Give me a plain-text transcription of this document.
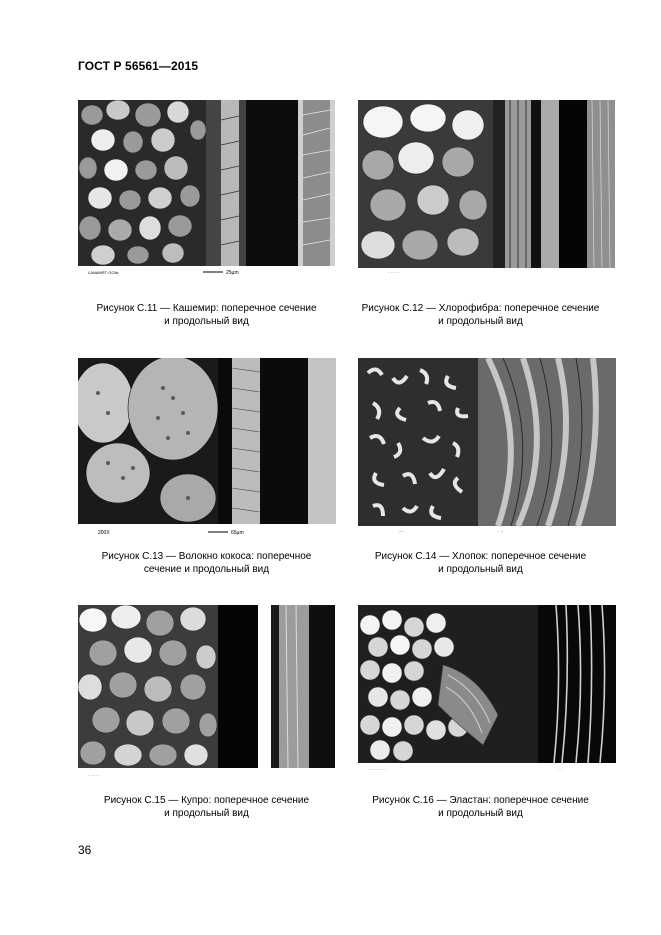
ГОСТ Р 56561—2015
LANAMRT·GOAr	25µm
Рисунок С.11 — Кашемир: поперечное сечение
и продольный вид
· · · · ·
Рисунок С.12 — Хлорофибра: поперечное сечение
и продольный вид
200X	65µm
Рисунок С.13 — Волокно кокоса: поперечное
сечение и продольный вид
·····	· ··
Рисунок С.14 — Хлопок: поперечное сечение
и продольный вид
· · · · ·
Рисунок С.15 — Купро: поперечное сечение
и продольный вид
· · · · · · · ·	· ·
Рисунок С.16 — Эластан: поперечное сечение
и продольный вид
36
